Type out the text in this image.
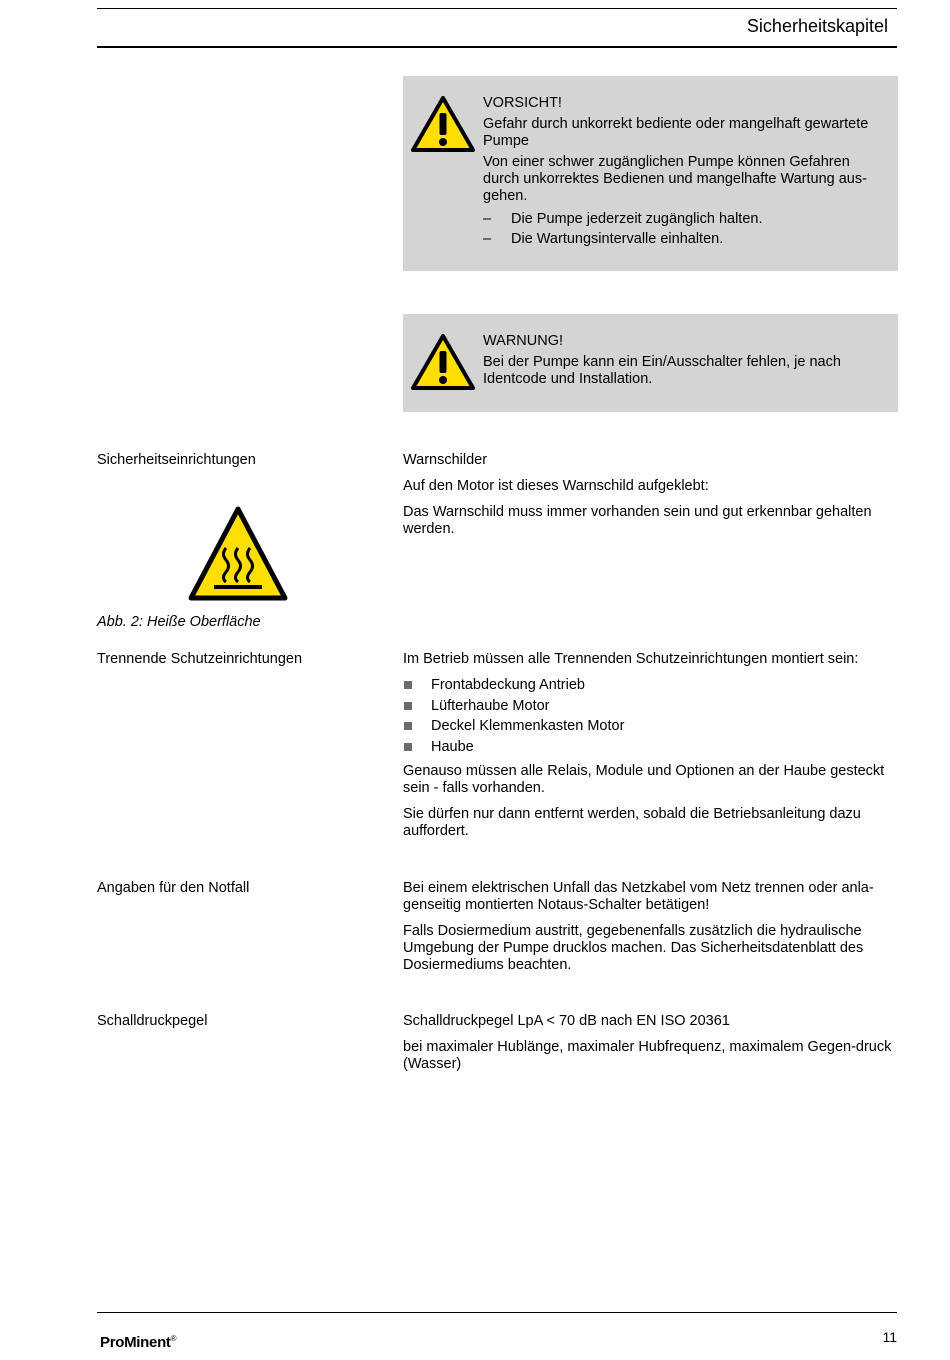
Sicherheitskapitel

VORSICHT!

Gefahr durch unkorrekt bediente oder mangelhaft gewartete Pumpe

Von einer schwer zugänglichen Pumpe können Gefahren durch unkorrektes Bedienen und mangelhafte Wartung aus-gehen.

– Die Pumpe jederzeit zugänglich halten.
– Die Wartungsintervalle einhalten.

WARNUNG!

Bei der Pumpe kann ein Ein/Ausschalter fehlen, je nach Identcode und Installation.

Sicherheitseinrichtungen	Warnschilder

Auf den Motor ist dieses Warnschild aufgeklebt:

Das Warnschild muss immer vorhanden sein und gut erkennbar gehalten werden.

Abb. 2: Heiße Oberfläche
Trennende Schutzeinrichtungen	Im Betrieb müssen alle Trennenden Schutzeinrichtungen montiert sein:

Frontabdeckung Antrieb
Lüfterhaube Motor
Deckel Klemmenkasten Motor
Haube

Genauso müssen alle Relais, Module und Optionen an der Haube gesteckt sein - falls vorhanden.

Sie dürfen nur dann entfernt werden, sobald die Betriebsanleitung dazu auffordert.

Angaben für den Notfall	Bei einem elektrischen Unfall das Netzkabel vom Netz trennen oder anla-genseitig montierten Notaus-Schalter betätigen!

Falls Dosiermedium austritt, gegebenenfalls zusätzlich die hydraulische Umgebung der Pumpe drucklos machen. Das Sicherheitsdatenblatt des Dosiermediums beachten.

Schalldruckpegel	Schalldruckpegel LpA < 70 dB nach EN ISO 20361

bei maximaler Hublänge, maximaler Hubfrequenz, maximalem Gegen-druck (Wasser)

ProMinent®	11
